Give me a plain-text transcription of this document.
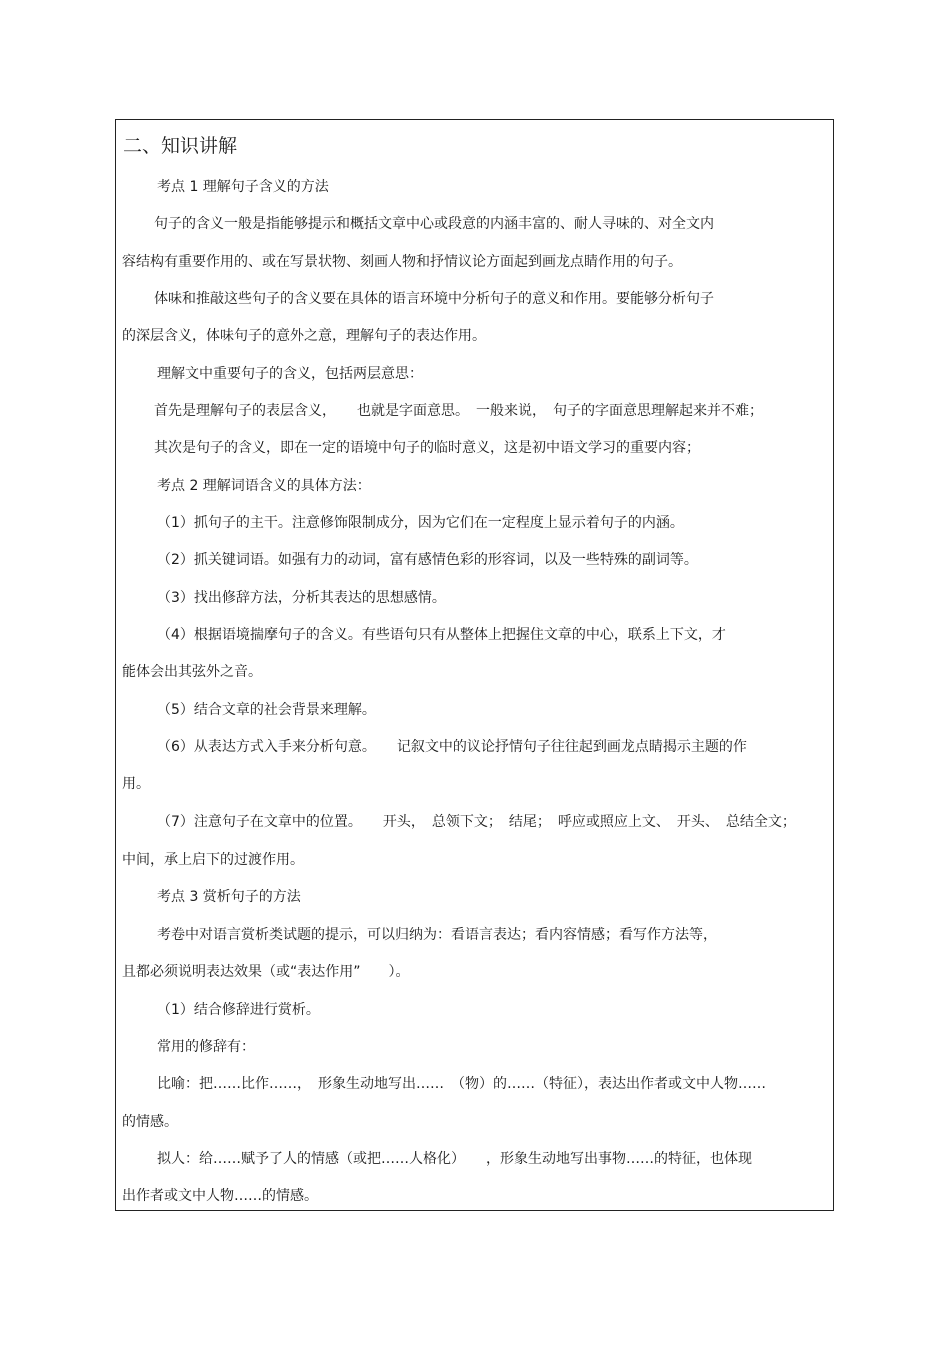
二、知识讲解
考点 1 理解句子含义的方法
句子的含义一般是指能够提示和概括文章中心或段意的内涵丰富的、耐人寻味的、对全文内
容结构有重要作用的、或在写景状物、刻画人物和抒情议论方面起到画龙点睛作用的句子。
体味和推敲这些句子的含义要在具体的语言环境中分析句子的意义和作用。要能够分析句子
的深层含义，体味句子的意外之意，理解句子的表达作用。
理解文中重要句子的含义，包括两层意思：
首先是理解句子的表层含义，　　也就是字面意思。　一般来说，　句子的字面意思理解起来并不难；
其次是句子的含义，即在一定的语境中句子的临时意义，这是初中语文学习的重要内容；
考点 2 理解词语含义的具体方法：
（1）抓句子的主干。注意修饰限制成分，因为它们在一定程度上显示着句子的内涵。
（2）抓关键词语。如强有力的动词，富有感情色彩的形容词，以及一些特殊的副词等。
（3）找出修辞方法，分析其表达的思想感情。
（4）根据语境揣摩句子的含义。有些语句只有从整体上把握住文章的中心，联系上下文，才
能体会出其弦外之音。
（5）结合文章的社会背景来理解。
（6）从表达方式入手来分析句意。　　记叙文中的议论抒情句子往往起到画龙点睛揭示主题的作
用。
（7）注意句子在文章中的位置。　　开头，　总领下文；　结尾；　呼应或照应上文、　开头、　总结全文；
中间，承上启下的过渡作用。
考点 3 赏析句子的方法
考卷中对语言赏析类试题的提示，可以归纳为：看语言表达；看内容情感；看写作方法等，
且都必须说明表达效果（或“表达作用”　　）。
（1）结合修辞进行赏析。
常用的修辞有：
比喻：把……比作……，　形象生动地写出……　（物）的……（特征），表达出作者或文中人物……
的情感。
拟人：给……赋予了人的情感（或把……人格化）　　，形象生动地写出事物……的特征，也体现
出作者或文中人物……的情感。
